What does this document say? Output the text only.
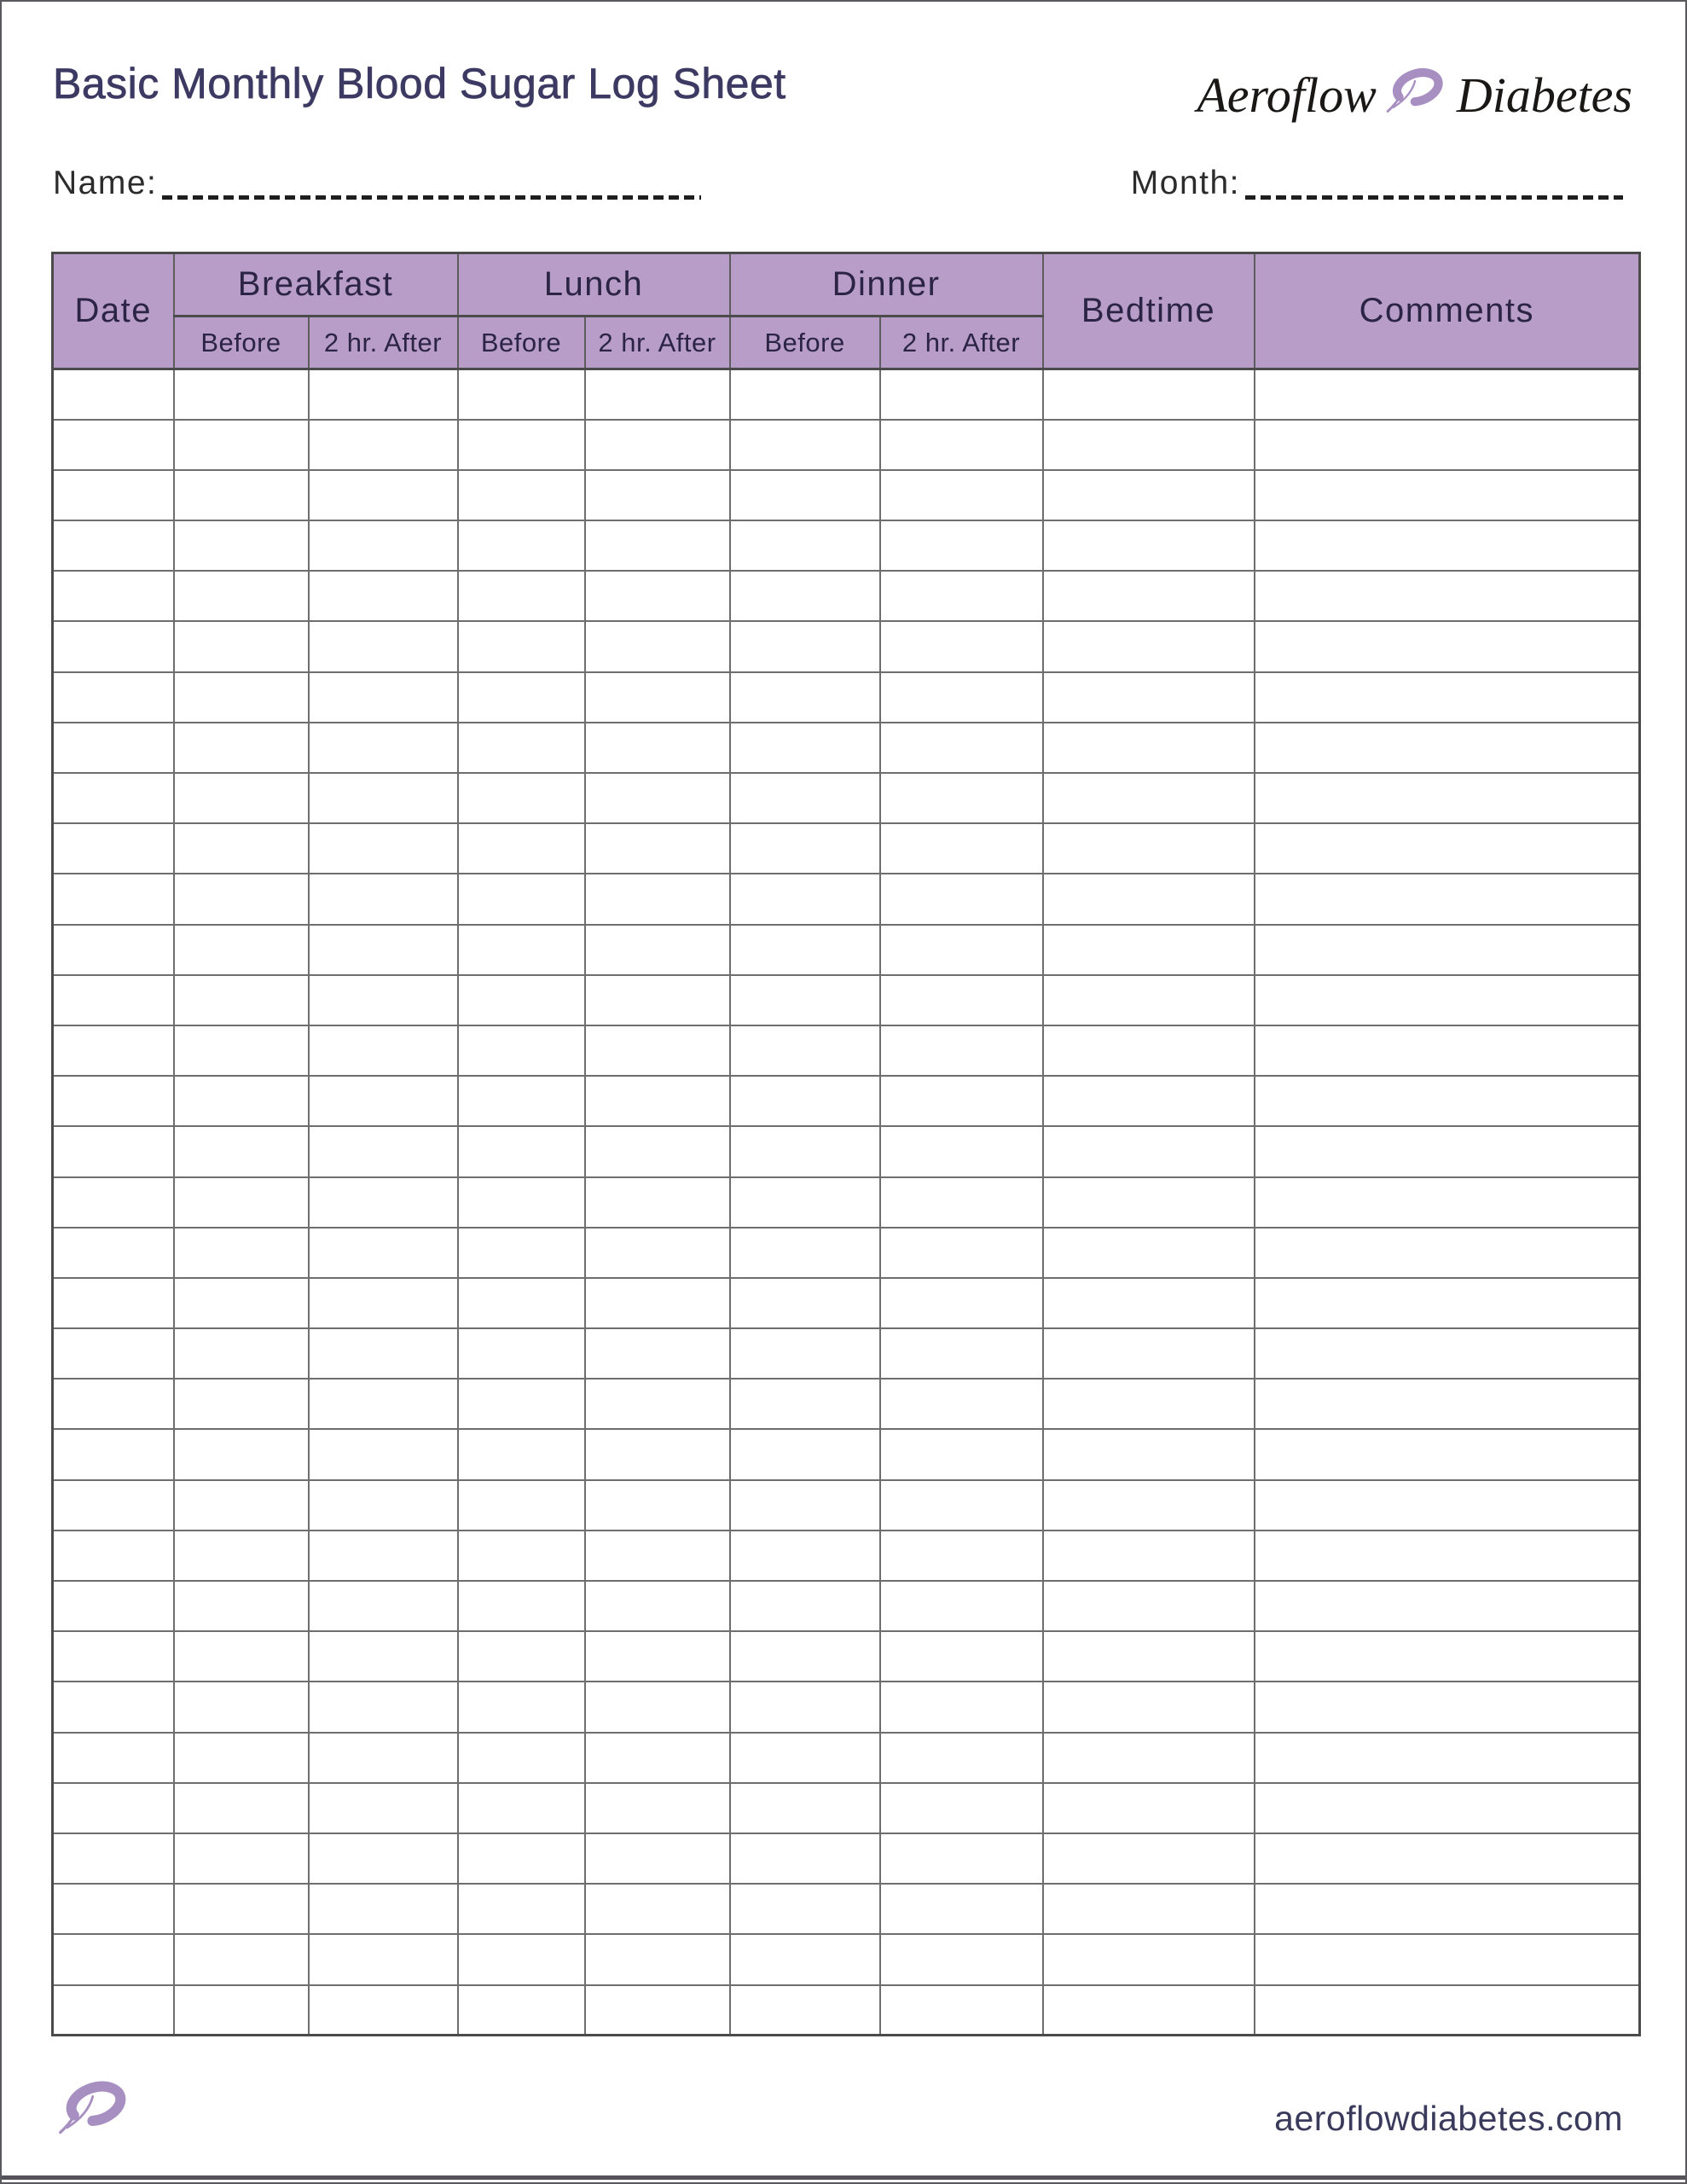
Basic Monthly Blood Sugar Log Sheet	Aeroflow Diabetes
Name:	Month:
Date	Breakfast		Lunch		Dinner		Bedtime	Comments
	Before	2 hr. After	Before	2 hr. After	Before	2 hr. After		

aeroflowdiabetes.com
